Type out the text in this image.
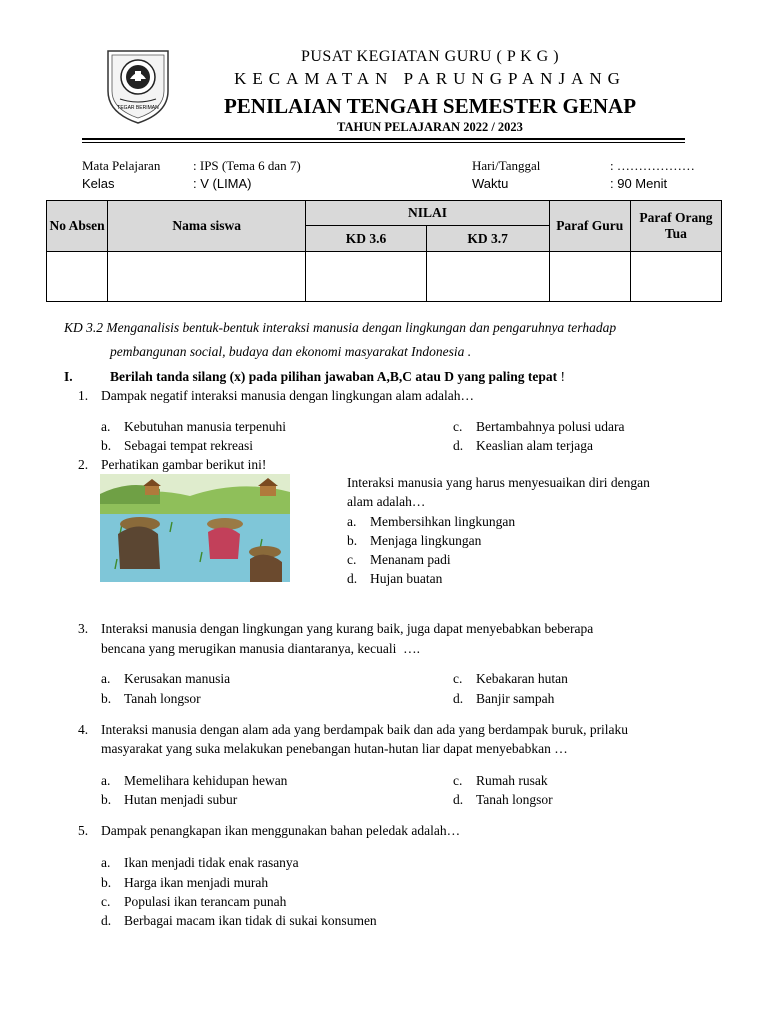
TEGAR BERIMAN
PUSAT KEGIATAN GURU ( P K G )
KECAMATAN PARUNGPANJANG
PENILAIAN TENGAH SEMESTER GENAP
TAHUN PELAJARAN 2022 / 2023
Mata Pelajaran	: IPS (Tema 6 dan 7)
Kelas	: V (LIMA)
Hari/Tanggal	: ………………
Waktu	: 90 Menit
No Absen	Nama siswa	NILAI		Paraf Guru	Paraf Orang Tua
		KD 3.6	KD 3.7		

KD 3.2 Menganalisis bentuk-bentuk interaksi manusia dengan lingkungan dan pengaruhnya terhadap
pembangunan social, budaya dan ekonomi masyarakat Indonesia .
I.	Berilah tanda silang (x) pada pilihan jawaban A,B,C atau D yang paling tepat !
1. Dampak negatif interaksi manusia dengan lingkungan alam adalah…
a. Kebutuhan manusia terpenuhi
b. Sebagai tempat rekreasi
c. Bertambahnya polusi udara
d. Keaslian alam terjaga
2. Perhatikan gambar berikut ini!
Interaksi manusia yang harus menyesuaikan diri dengan
alam adalah…
a. Membersihkan lingkungan
b. Menjaga lingkungan
c. Menanam padi
d. Hujan buatan
3. Interaksi manusia dengan lingkungan yang kurang baik, juga dapat menyebabkan beberapa
bencana yang merugikan manusia diantaranya, kecuali  ….
a. Kerusakan manusia
b. Tanah longsor
c. Kebakaran hutan
d. Banjir sampah
4. Interaksi manusia dengan alam ada yang berdampak baik dan ada yang berdampak buruk, prilaku
masyarakat yang suka melakukan penebangan hutan-hutan liar dapat menyebabkan …
a. Memelihara kehidupan hewan
b. Hutan menjadi subur
c. Rumah rusak
d. Tanah longsor
5. Dampak penangkapan ikan menggunakan bahan peledak adalah…
a. Ikan menjadi tidak enak rasanya
b. Harga ikan menjadi murah
c. Populasi ikan terancam punah
d. Berbagai macam ikan tidak di sukai konsumen
